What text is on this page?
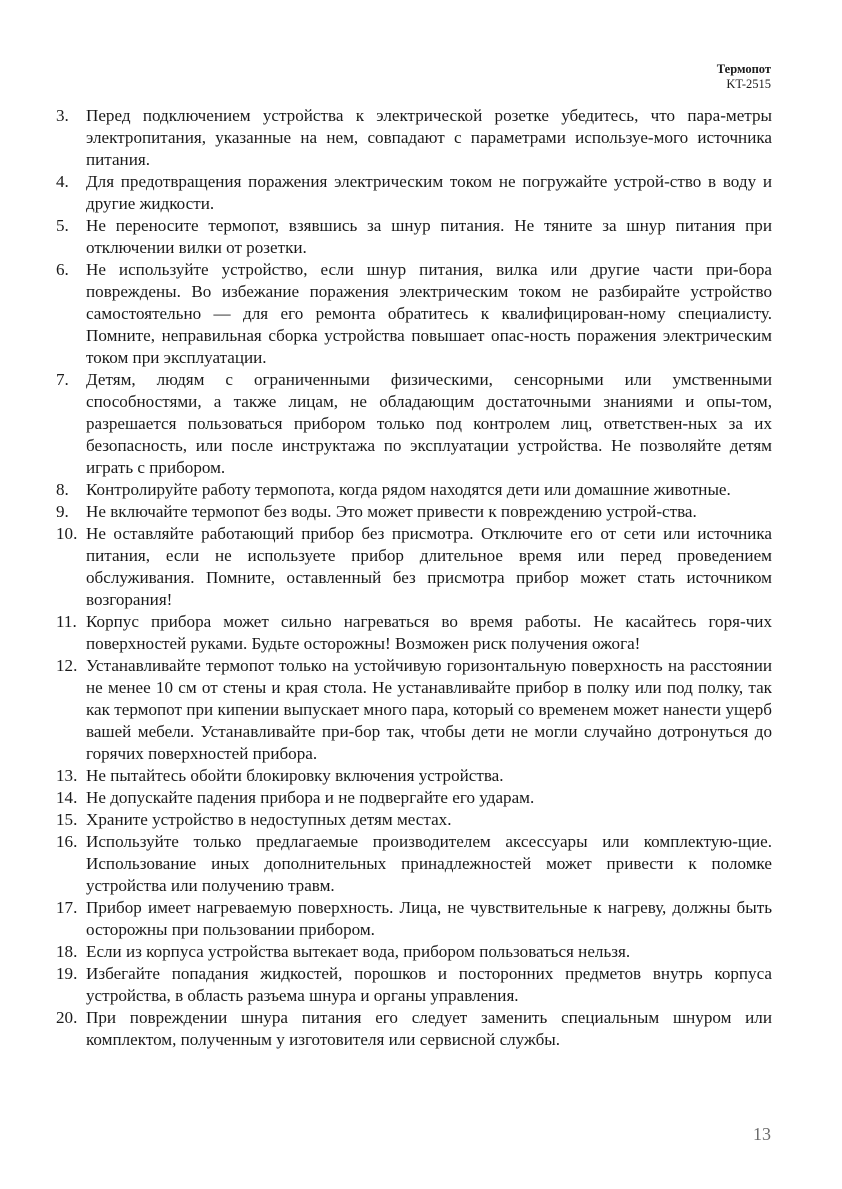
Термопот
KT-2515
3. Перед подключением устройства к электрической розетке убедитесь, что пара-метры электропитания, указанные на нем, совпадают с параметрами используе-мого источника питания.
4. Для предотвращения поражения электрическим током не погружайте устрой-ство в воду и другие жидкости.
5. Не переносите термопот, взявшись за шнур питания. Не тяните за шнур питания при отключении вилки от розетки.
6. Не используйте устройство, если шнур питания, вилка или другие части при-бора повреждены. Во избежание поражения электрическим током не разбирайте устройство самостоятельно — для его ремонта обратитесь к квалифицирован-ному специалисту. Помните, неправильная сборка устройства повышает опас-ность поражения электрическим током при эксплуатации.
7. Детям, людям с ограниченными физическими, сенсорными или умственными способностями, а также лицам, не обладающим достаточными знаниями и опы-том, разрешается пользоваться прибором только под контролем лиц, ответствен-ных за их безопасность, или после инструктажа по эксплуатации устройства. Не позволяйте детям играть с прибором.
8. Контролируйте работу термопота, когда рядом находятся дети или домашние животные.
9. Не включайте термопот без воды. Это может привести к повреждению устрой-ства.
10. Не оставляйте работающий прибор без присмотра. Отключите его от сети или источника питания, если не используете прибор длительное время или перед проведением обслуживания. Помните, оставленный без присмотра прибор может стать источником возгорания!
11. Корпус прибора может сильно нагреваться во время работы. Не касайтесь горя-чих поверхностей руками. Будьте осторожны! Возможен риск получения ожога!
12. Устанавливайте термопот только на устойчивую горизонтальную поверхность на расстоянии не менее 10 см от стены и края стола. Не устанавливайте прибор в полку или под полку, так как термопот при кипении выпускает много пара, который со временем может нанести ущерб вашей мебели. Устанавливайте при-бор так, чтобы дети не могли случайно дотронуться до горячих поверхностей прибора.
13. Не пытайтесь обойти блокировку включения устройства.
14. Не допускайте падения прибора и не подвергайте его ударам.
15. Храните устройство в недоступных детям местах.
16. Используйте только предлагаемые производителем аксессуары или комплектую-щие. Использование иных дополнительных принадлежностей может привести к поломке устройства или получению травм.
17. Прибор имеет нагреваемую поверхность. Лица, не чувствительные к нагреву, должны быть осторожны при пользовании прибором.
18. Если из корпуса устройства вытекает вода, прибором пользоваться нельзя.
19. Избегайте попадания жидкостей, порошков и посторонних предметов внутрь корпуса устройства, в область разъема шнура и органы управления.
20. При повреждении шнура питания его следует заменить специальным шнуром или комплектом, полученным у изготовителя или сервисной службы.
13
